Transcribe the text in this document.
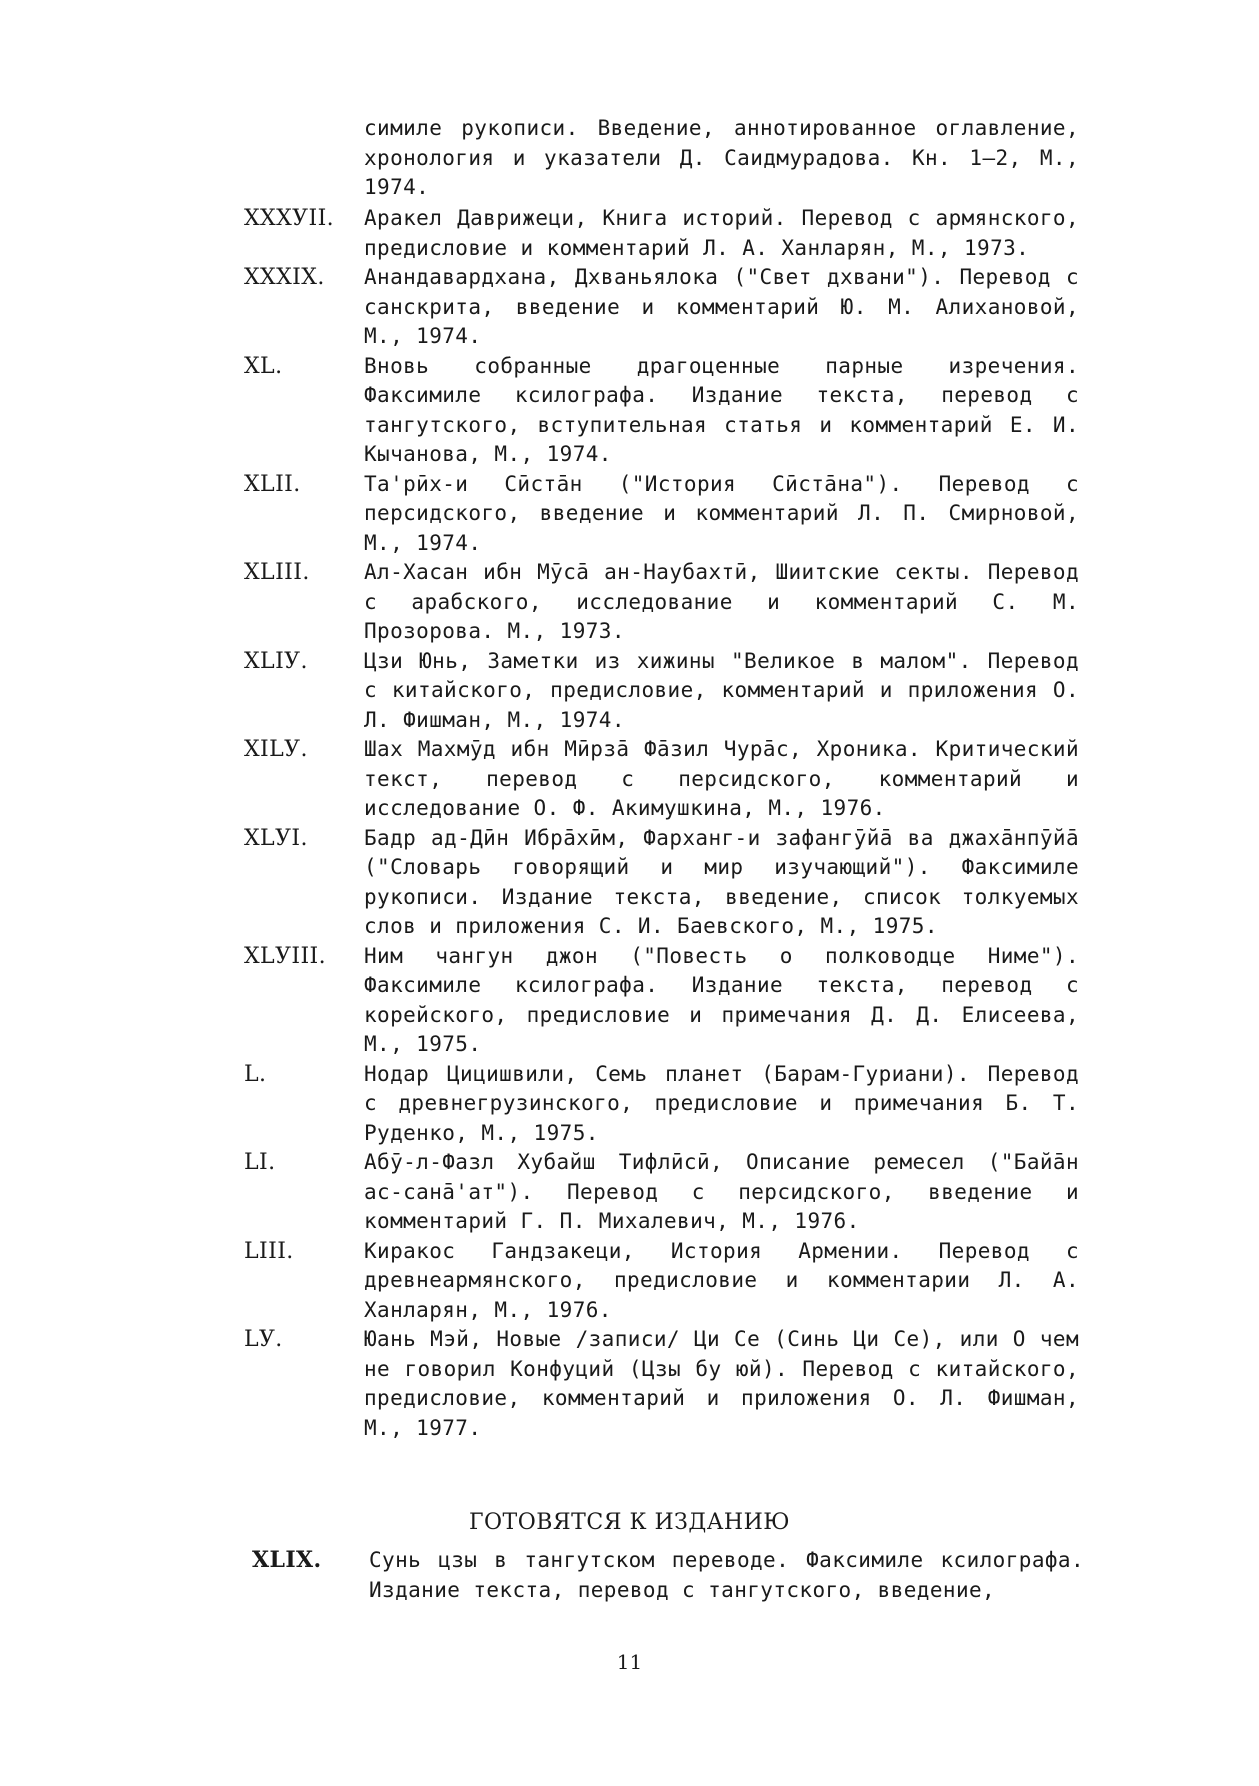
симиле рукописи. Введение, аннотированное оглавление, хронология и указатели Д. Саидмурадова. Кн. 1–2, М., 1974.
XXXУII.	Аракел Даврижеци, Книга историй. Перевод с армянского, предисловие и комментарий Л. А. Ханларян, М., 1973.
XXXIX.	Анандавардхана, Дхваньялока ("Свет дхвани"). Перевод с санскрита, введение и комментарий Ю. М. Алихановой, М., 1974.
XL.	Вновь собранные драгоценные парные изречения. Факсимиле ксилографа. Издание текста, перевод с тангутского, вступительная статья и комментарий Е. И. Кычанова, М., 1974.
XLII.	Та'рӣх-и Сӣстāн ("История Сӣстāна"). Перевод с персидского, введение и комментарий Л. П. Смирновой, М., 1974.
XLIII.	Ал-Хасан ибн Мӯсā ан-Наубахтӣ, Шиитские секты. Перевод с арабского, исследование и комментарий С. М. Прозорова. М., 1973.
XLIУ.	Цзи Юнь, Заметки из хижины "Великое в малом". Перевод с китайского, предисловие, комментарий и приложения О. Л. Фишман, М., 1974.
XILУ.	Шах Махмӯд ибн Мӣрзā Фāзил Чурāс, Хроника. Критический текст, перевод с персидского, комментарий и исследование О. Ф. Акимушкина, М., 1976.
XLУI.	Бадр ад-Дӣн Ибрāхӣм, Фарханг-и зафангӯйā ва джахāнпӯйā ("Словарь говорящий и мир изучающий"). Факсимиле рукописи. Издание текста, введение, список толкуемых слов и приложения С. И. Баевского, М., 1975.
XLУIII.	Ним чангун джон ("Повесть о полководце Ниме"). Факсимиле ксилографа. Издание текста, перевод с корейского, предисловие и примечания Д. Д. Елисеева, М., 1975.
L.	Нодар Цицишвили, Семь планет (Барам-Гуриани). Перевод с древнегрузинского, предисловие и примечания Б. Т. Руденко, М., 1975.
LI.	Абӯ-л-Фазл Хубайш Тифлӣсӣ, Описание ремесел ("Байāн ас-санā'ат"). Перевод с персидского, введение и комментарий Г. П. Михалевич, М., 1976.
LIII.	Киракос Гандзакеци, История Армении. Перевод с древнеармянского, предисловие и комментарии Л. А. Ханларян, М., 1976.
LУ.	Юань Мэй, Новые /записи/ Ци Се (Синь Ци Се), или О чем не говорил Конфуций (Цзы бу юй). Перевод с китайского, предисловие, комментарий и приложения О. Л. Фишман, М., 1977.
ГОТОВЯТСЯ К ИЗДАНИЮ
XLIX.	Сунь цзы в тангутском переводе. Факсимиле ксилографа. Издание текста, перевод с тангутского, введение,
11
